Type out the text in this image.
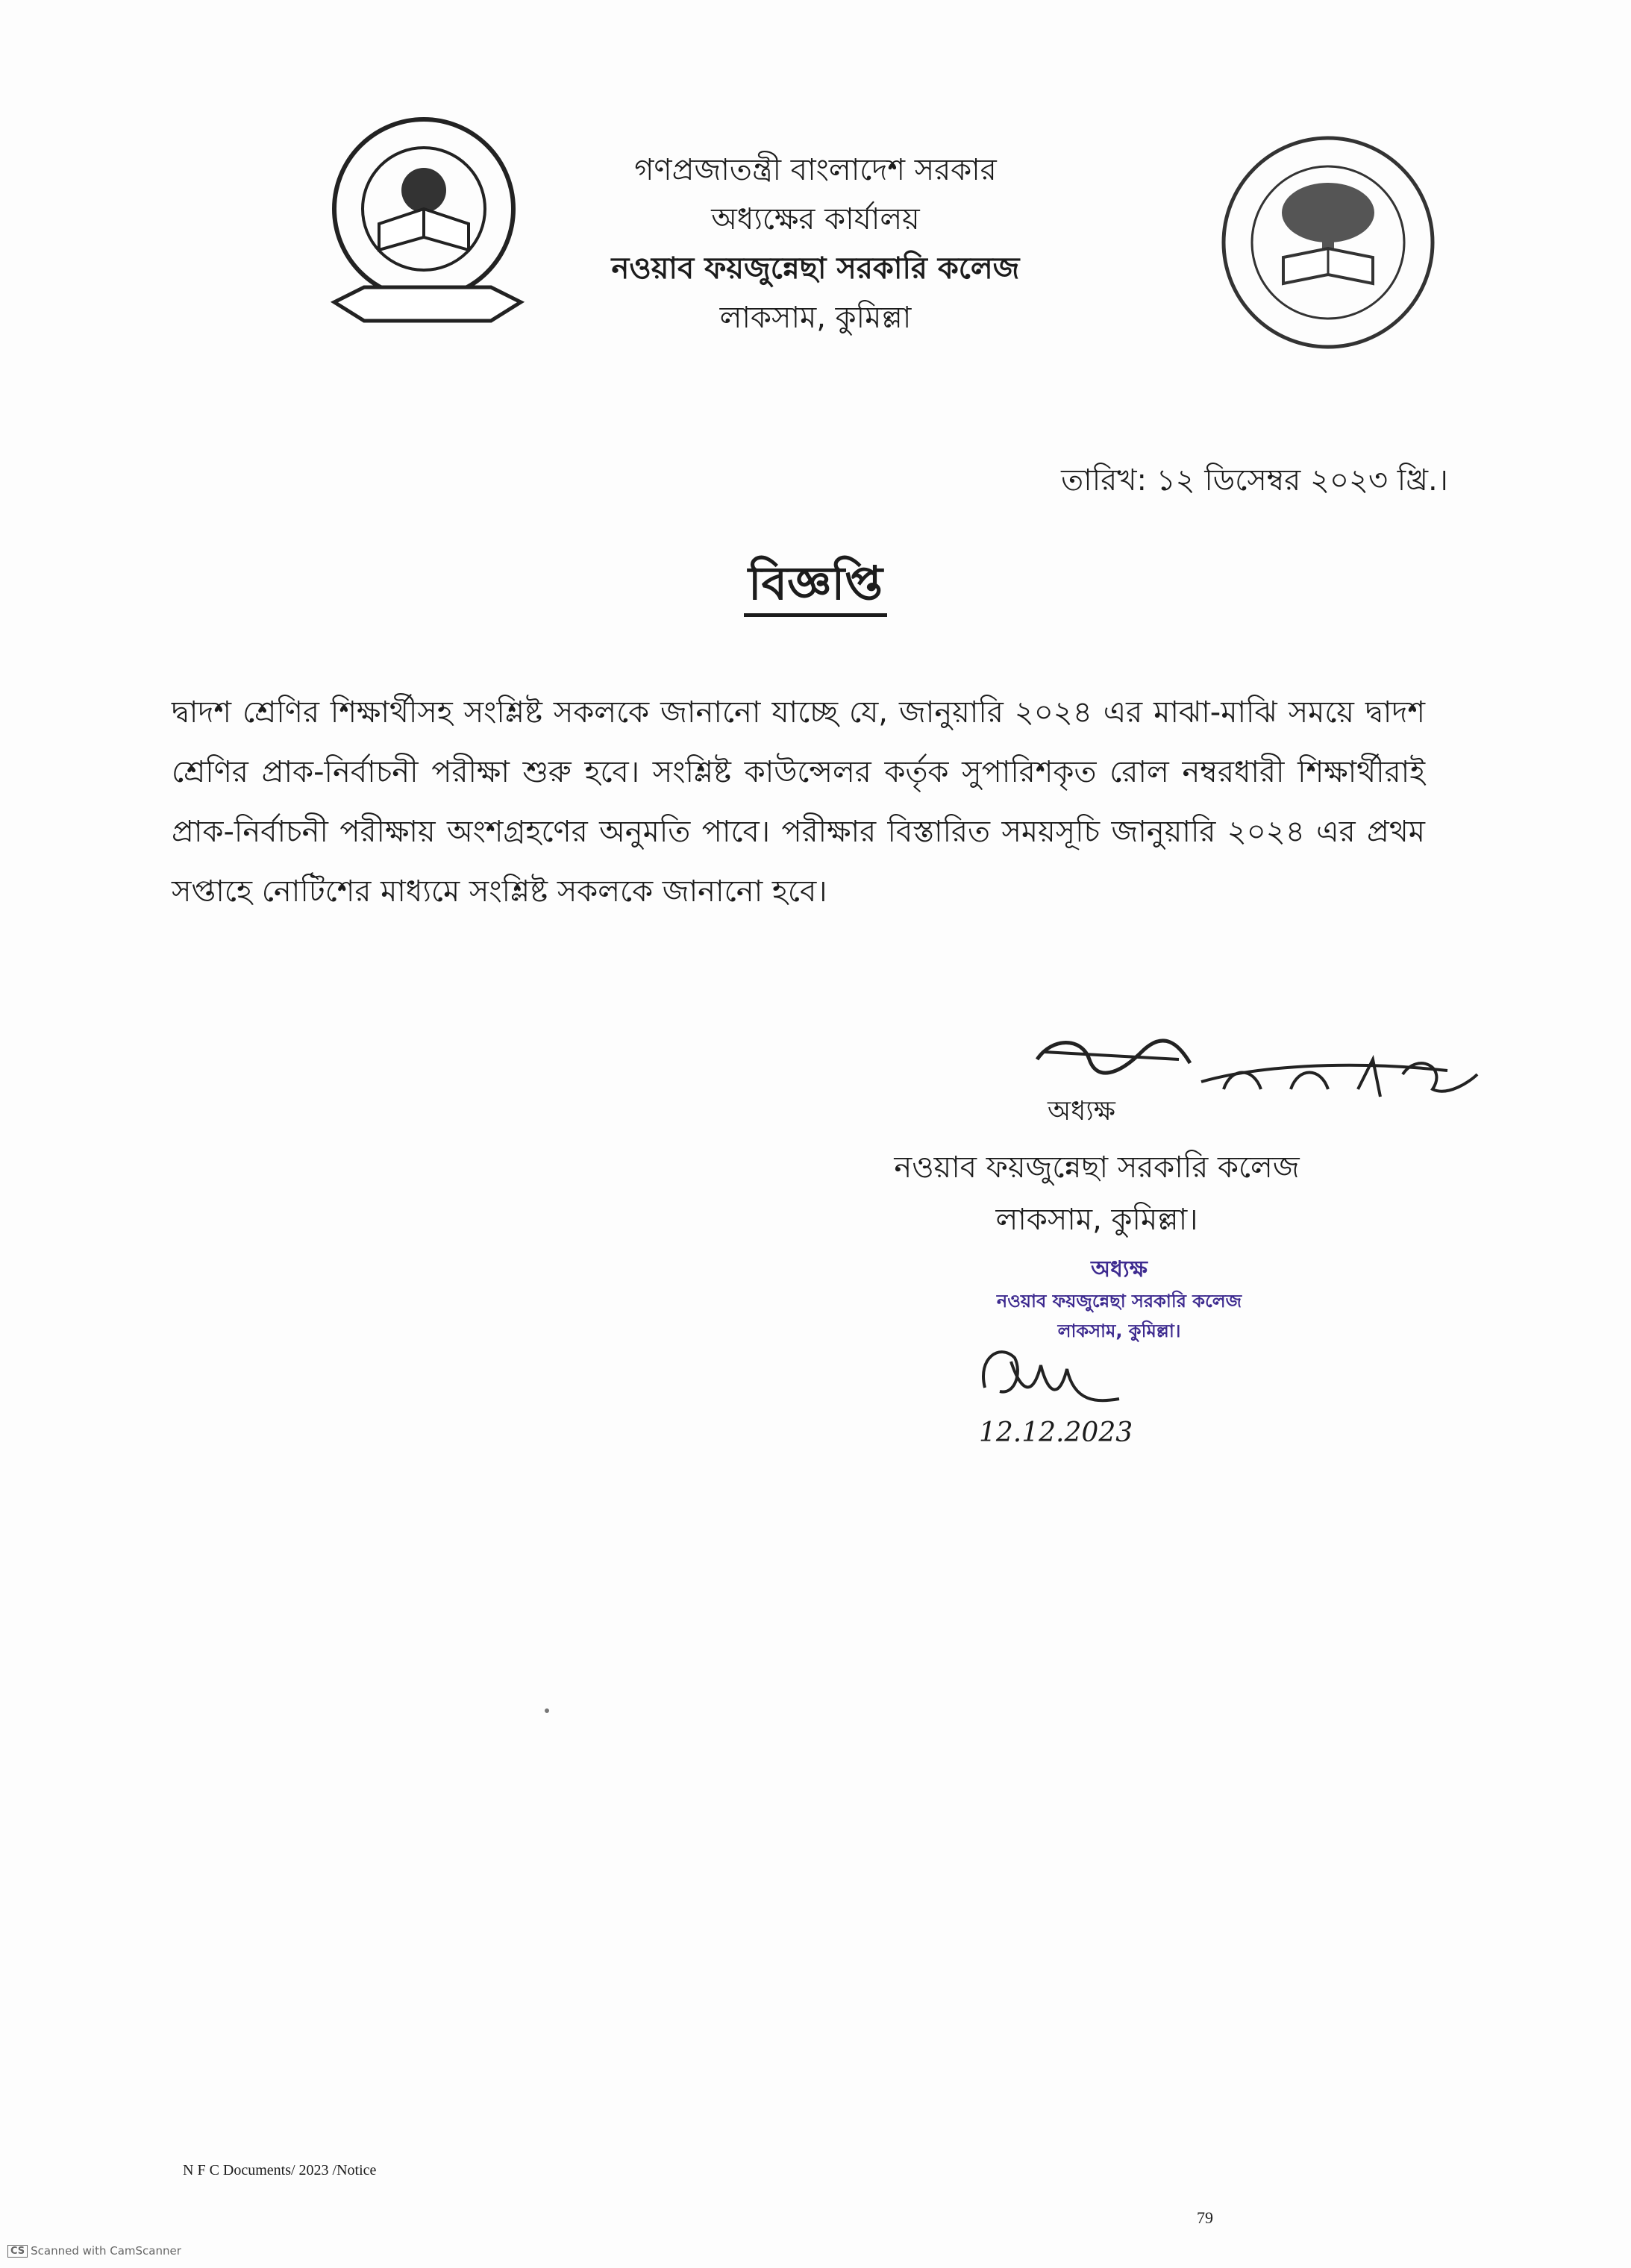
গণপ্রজাতন্ত্রী বাংলাদেশ সরকার
অধ্যক্ষের কার্যালয়
নওয়াব ফয়জুন্নেছা সরকারি কলেজ
লাকসাম, কুমিল্লা
তারিখ: ১২ ডিসেম্বর ২০২৩ খ্রি.।
বিজ্ঞপ্তি
দ্বাদশ শ্রেণির শিক্ষার্থীসহ সংশ্লিষ্ট সকলকে জানানো যাচ্ছে যে, জানুয়ারি ২০২৪ এর মাঝা-মাঝি সময়ে দ্বাদশ শ্রেণির প্রাক-নির্বাচনী পরীক্ষা শুরু হবে। সংশ্লিষ্ট কাউন্সেলর কর্তৃক সুপারিশকৃত রোল নম্বরধারী শিক্ষার্থীরাই প্রাক-নির্বাচনী পরীক্ষায় অংশগ্রহণের অনুমতি পাবে। পরীক্ষার বিস্তারিত সময়সূচি জানুয়ারি ২০২৪ এর প্রথম সপ্তাহে নোটিশের মাধ্যমে সংশ্লিষ্ট সকলকে জানানো হবে।
অধ্যক্ষ
নওয়াব ফয়জুন্নেছা সরকারি কলেজ
লাকসাম, কুমিল্লা।
অধ্যক্ষ
নওয়াব ফয়জুন্নেছা সরকারি কলেজ
লাকসাম, কুমিল্লা।
12.12.2023
N F C Documents/ 2023 /Notice
79
CS Scanned with CamScanner
